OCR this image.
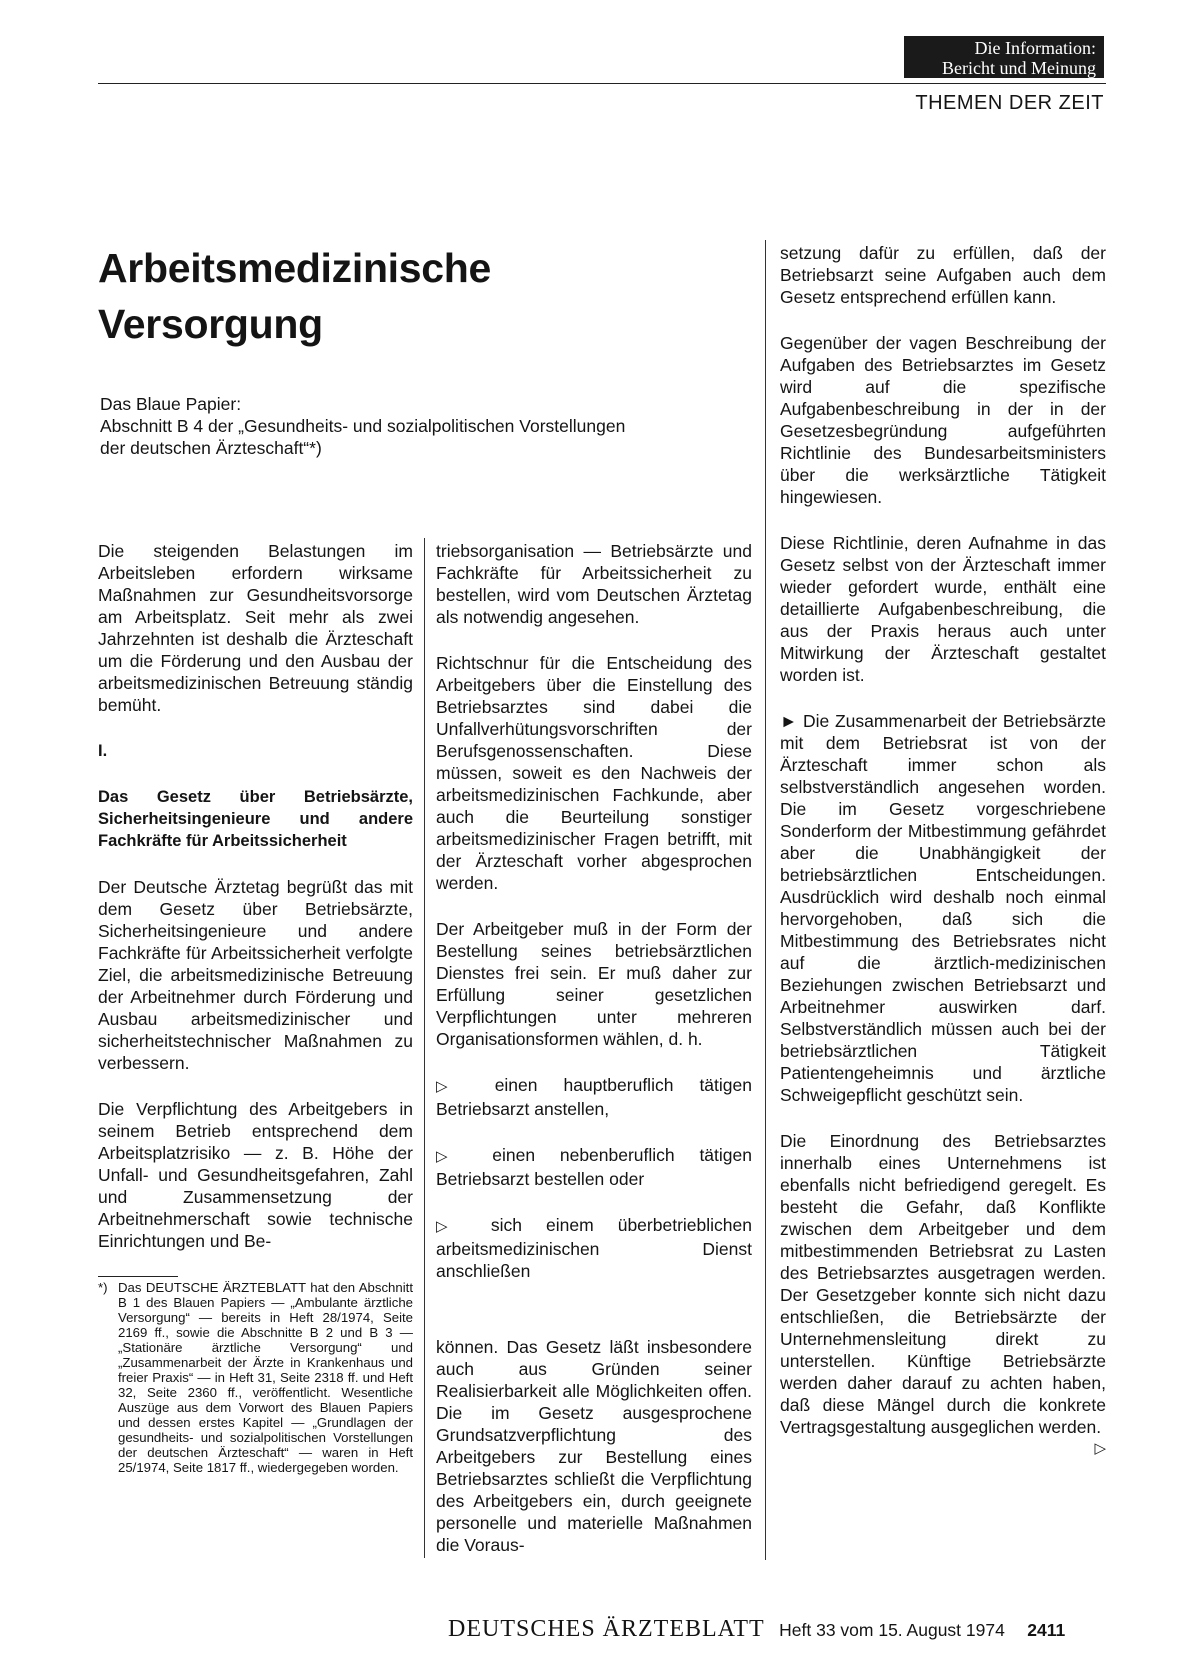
Die Information:
Bericht und Meinung
THEMEN DER ZEIT
Arbeitsmedizinische
Versorgung
Das Blaue Papier:
Abschnitt B 4 der „Gesundheits- und sozialpolitischen Vorstellungen
der deutschen Ärzteschaft“*)

Die steigenden Belastungen im Arbeitsleben erfordern wirksame Maßnahmen zur Gesundheitsvorsorge am Arbeitsplatz. Seit mehr als zwei Jahrzehnten ist deshalb die Ärzteschaft um die Förderung und den Ausbau der arbeitsmedizinischen Betreuung ständig bemüht.

I.

Das Gesetz über Betriebsärzte, Sicherheitsingenieure und andere Fachkräfte für Arbeitssicherheit

Der Deutsche Ärztetag begrüßt das mit dem Gesetz über Betriebsärzte, Sicherheitsingenieure und andere Fachkräfte für Arbeitssicherheit verfolgte Ziel, die arbeitsmedizinische Betreuung der Arbeitnehmer durch Förderung und Ausbau arbeitsmedizinischer und sicherheitstechnischer Maßnahmen zu verbessern.

Die Verpflichtung des Arbeitgebers in seinem Betrieb entsprechend dem Arbeitsplatzrisiko — z. B. Höhe der Unfall- und Gesundheitsgefahren, Zahl und Zusammensetzung der Arbeitnehmerschaft sowie technische Einrichtungen und Be-

*) Das DEUTSCHE ÄRZTEBLATT hat den Abschnitt B 1 des Blauen Papiers — „Ambulante ärztliche Versorgung“ — bereits in Heft 28/1974, Seite 2169 ff., sowie die Abschnitte B 2 und B 3 — „Stationäre ärztliche Versorgung“ und „Zusammenarbeit der Ärzte in Krankenhaus und freier Praxis“ — in Heft 31, Seite 2318 ff. und Heft 32, Seite 2360 ff., veröffentlicht. Wesentliche Auszüge aus dem Vorwort des Blauen Papiers und dessen erstes Kapitel — „Grundlagen der gesundheits- und sozialpolitischen Vorstellungen der deutschen Ärzteschaft“ — waren in Heft 25/1974, Seite 1817 ff., wiedergegeben worden.

triebsorganisation — Betriebsärzte und Fachkräfte für Arbeitssicherheit zu bestellen, wird vom Deutschen Ärztetag als notwendig angesehen.

Richtschnur für die Entscheidung des Arbeitgebers über die Einstellung des Betriebsarztes sind dabei die Unfallverhütungsvorschriften der Berufsgenossenschaften. Diese müssen, soweit es den Nachweis der arbeitsmedizinischen Fachkunde, aber auch die Beurteilung sonstiger arbeitsmedizinischer Fragen betrifft, mit der Ärzteschaft vorher abgesprochen werden.

Der Arbeitgeber muß in der Form der Bestellung seines betriebsärztlichen Dienstes frei sein. Er muß daher zur Erfüllung seiner gesetzlichen Verpflichtungen unter mehreren Organisationsformen wählen, d. h.

▷ einen hauptberuflich tätigen Betriebsarzt anstellen,

▷ einen nebenberuflich tätigen Betriebsarzt bestellen oder

▷ sich einem überbetrieblichen arbeitsmedizinischen Dienst anschließen

können. Das Gesetz läßt insbesondere auch aus Gründen seiner Realisierbarkeit alle Möglichkeiten offen. Die im Gesetz ausgesprochene Grundsatzverpflichtung des Arbeitgebers zur Bestellung eines Betriebsarztes schließt die Verpflichtung des Arbeitgebers ein, durch geeignete personelle und materielle Maßnahmen die Voraus-

setzung dafür zu erfüllen, daß der Betriebsarzt seine Aufgaben auch dem Gesetz entsprechend erfüllen kann.

Gegenüber der vagen Beschreibung der Aufgaben des Betriebsarztes im Gesetz wird auf die spezifische Aufgabenbeschreibung in der in der Gesetzesbegründung aufgeführten Richtlinie des Bundesarbeitsministers über die werksärztliche Tätigkeit hingewiesen.

Diese Richtlinie, deren Aufnahme in das Gesetz selbst von der Ärzteschaft immer wieder gefordert wurde, enthält eine detaillierte Aufgabenbeschreibung, die aus der Praxis heraus auch unter Mitwirkung der Ärzteschaft gestaltet worden ist.

► Die Zusammenarbeit der Betriebsärzte mit dem Betriebsrat ist von der Ärzteschaft immer schon als selbstverständlich angesehen worden. Die im Gesetz vorgeschriebene Sonderform der Mitbestimmung gefährdet aber die Unabhängigkeit der betriebsärztlichen Entscheidungen. Ausdrücklich wird deshalb noch einmal hervorgehoben, daß sich die Mitbestimmung des Betriebsrates nicht auf die ärztlich-medizinischen Beziehungen zwischen Betriebsarzt und Arbeitnehmer auswirken darf. Selbstverständlich müssen auch bei der betriebsärztlichen Tätigkeit Patientengeheimnis und ärztliche Schweigepflicht geschützt sein.

Die Einordnung des Betriebsarztes innerhalb eines Unternehmens ist ebenfalls nicht befriedigend geregelt. Es besteht die Gefahr, daß Konflikte zwischen dem Arbeitgeber und dem mitbestimmenden Betriebsrat zu Lasten des Betriebsarztes ausgetragen werden. Der Gesetzgeber konnte sich nicht dazu entschließen, die Betriebsärzte der Unternehmensleitung direkt zu unterstellen. Künftige Betriebsärzte werden daher darauf zu achten haben, daß diese Mängel durch die konkrete Vertragsgestaltung ausgeglichen werden.
▷

DEUTSCHES ÄRZTEBLATT Heft 33 vom 15. August 1974 2411
